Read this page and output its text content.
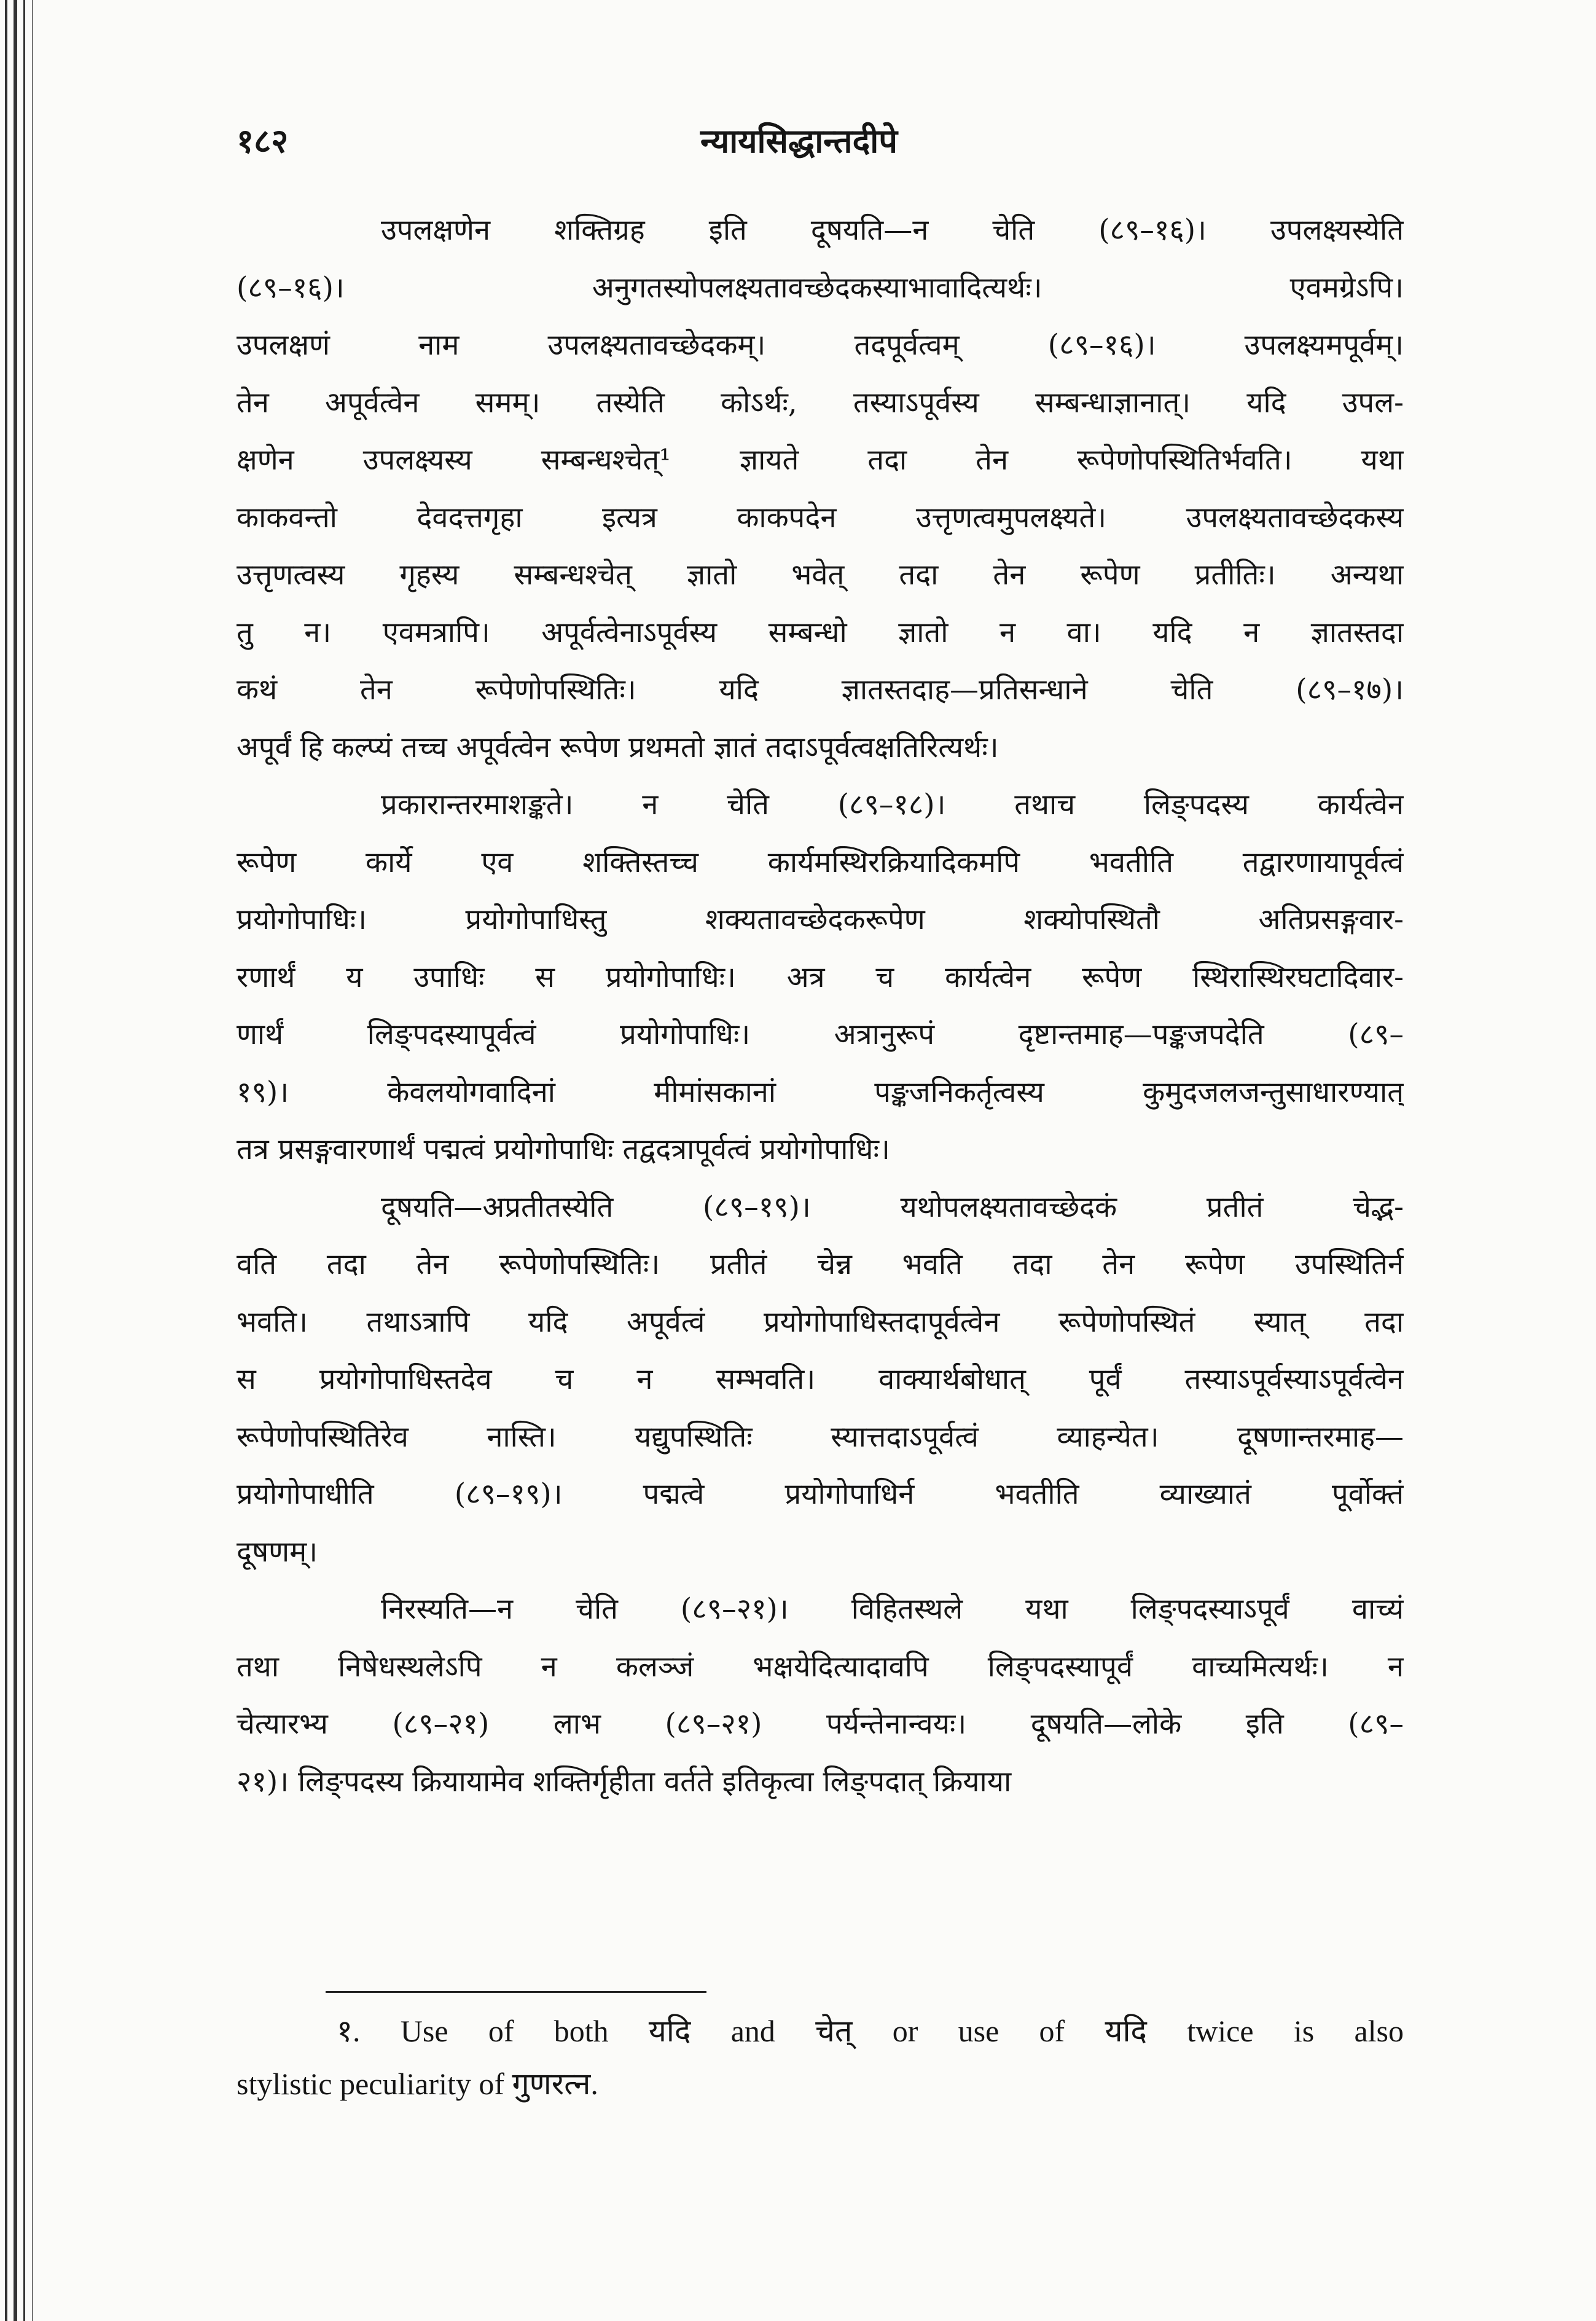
१८२	न्यायसिद्धान्तदीपे
उपलक्षणेन शक्तिग्रह इति दूषयति—न चेति (८९–१६)। उपलक्ष्यस्येति
(८९–१६)। अनुगतस्योपलक्ष्यतावच्छेदकस्याभावादित्यर्थः। एवमग्रेऽपि।
उपलक्षणं नाम उपलक्ष्यतावच्छेदकम्। तदपूर्वत्वम् (८९–१६)। उपलक्ष्यमपूर्वम्।
तेन अपूर्वत्वेन समम्। तस्येति कोऽर्थः, तस्याऽपूर्वस्य सम्बन्धाज्ञानात्। यदि उपल-
क्षणेन उपलक्ष्यस्य सम्बन्धश्चेत्¹ ज्ञायते तदा तेन रूपेणोपस्थितिर्भवति। यथा
काकवन्तो देवदत्तगृहा इत्यत्र काकपदेन उत्तृणत्वमुपलक्ष्यते। उपलक्ष्यतावच्छेदकस्य
उत्तृणत्वस्य गृहस्य सम्बन्धश्चेत् ज्ञातो भवेत् तदा तेन रूपेण प्रतीतिः। अन्यथा
तु न। एवमत्रापि। अपूर्वत्वेनाऽपूर्वस्य सम्बन्धो ज्ञातो न वा। यदि न ज्ञातस्तदा
कथं तेन रूपेणोपस्थितिः। यदि ज्ञातस्तदाह—प्रतिसन्धाने चेति (८९–१७)।
अपूर्वं हि कल्प्यं तच्च अपूर्वत्वेन रूपेण प्रथमतो ज्ञातं तदाऽपूर्वत्वक्षतिरित्यर्थः।
प्रकारान्तरमाशङ्कते। न चेति (८९–१८)। तथाच लिङ्पदस्य कार्यत्वेन
रूपेण कार्ये एव शक्तिस्तच्च कार्यमस्थिरक्रियादिकमपि भवतीति तद्वारणायापूर्वत्वं
प्रयोगोपाधिः। प्रयोगोपाधिस्तु शक्यतावच्छेदकरूपेण शक्योपस्थितौ अतिप्रसङ्गवार-
रणार्थं य उपाधिः स प्रयोगोपाधिः। अत्र च कार्यत्वेन रूपेण स्थिरास्थिरघटादिवार-
णार्थं लिङ्पदस्यापूर्वत्वं प्रयोगोपाधिः। अत्रानुरूपं दृष्टान्तमाह—पङ्कजपदेति (८९–
१९)। केवलयोगवादिनां मीमांसकानां पङ्कजनिकर्तृत्वस्य कुमुदजलजन्तुसाधारण्यात्
तत्र प्रसङ्गवारणार्थं पद्मत्वं प्रयोगोपाधिः तद्वदत्रापूर्वत्वं प्रयोगोपाधिः।
दूषयति—अप्रतीतस्येति (८९–१९)। यथोपलक्ष्यतावच्छेदकं प्रतीतं चेद्भ-
वति तदा तेन रूपेणोपस्थितिः। प्रतीतं चेन्न भवति तदा तेन रूपेण उपस्थितिर्न
भवति। तथाऽत्रापि यदि अपूर्वत्वं प्रयोगोपाधिस्तदापूर्वत्वेन रूपेणोपस्थितं स्यात् तदा
स प्रयोगोपाधिस्तदेव च न सम्भवति। वाक्यार्थबोधात् पूर्वं तस्याऽपूर्वस्याऽपूर्वत्वेन
रूपेणोपस्थितिरेव नास्ति। यद्युपस्थितिः स्यात्तदाऽपूर्वत्वं व्याहन्येत। दूषणान्तरमाह—
प्रयोगोपाधीति (८९–१९)। पद्मत्वे प्रयोगोपाधिर्न भवतीति व्याख्यातं पूर्वोक्तं
दूषणम्।
निरस्यति—न चेति (८९–२१)। विहितस्थले यथा लिङ्पदस्याऽपूर्वं वाच्यं
तथा निषेधस्थलेऽपि न कलञ्जं भक्षयेदित्यादावपि लिङ्पदस्यापूर्वं वाच्यमित्यर्थः। न
चेत्यारभ्य (८९–२१) लाभ (८९–२१) पर्यन्तेनान्वयः। दूषयति—लोके इति (८९–
२१)। लिङ्पदस्य क्रियायामेव शक्तिर्गृहीता वर्तते इतिकृत्वा लिङ्पदात् क्रियाया
१. Use of both यदि and चेत् or use of यदि twice is also
stylistic peculiarity of गुणरत्न.
